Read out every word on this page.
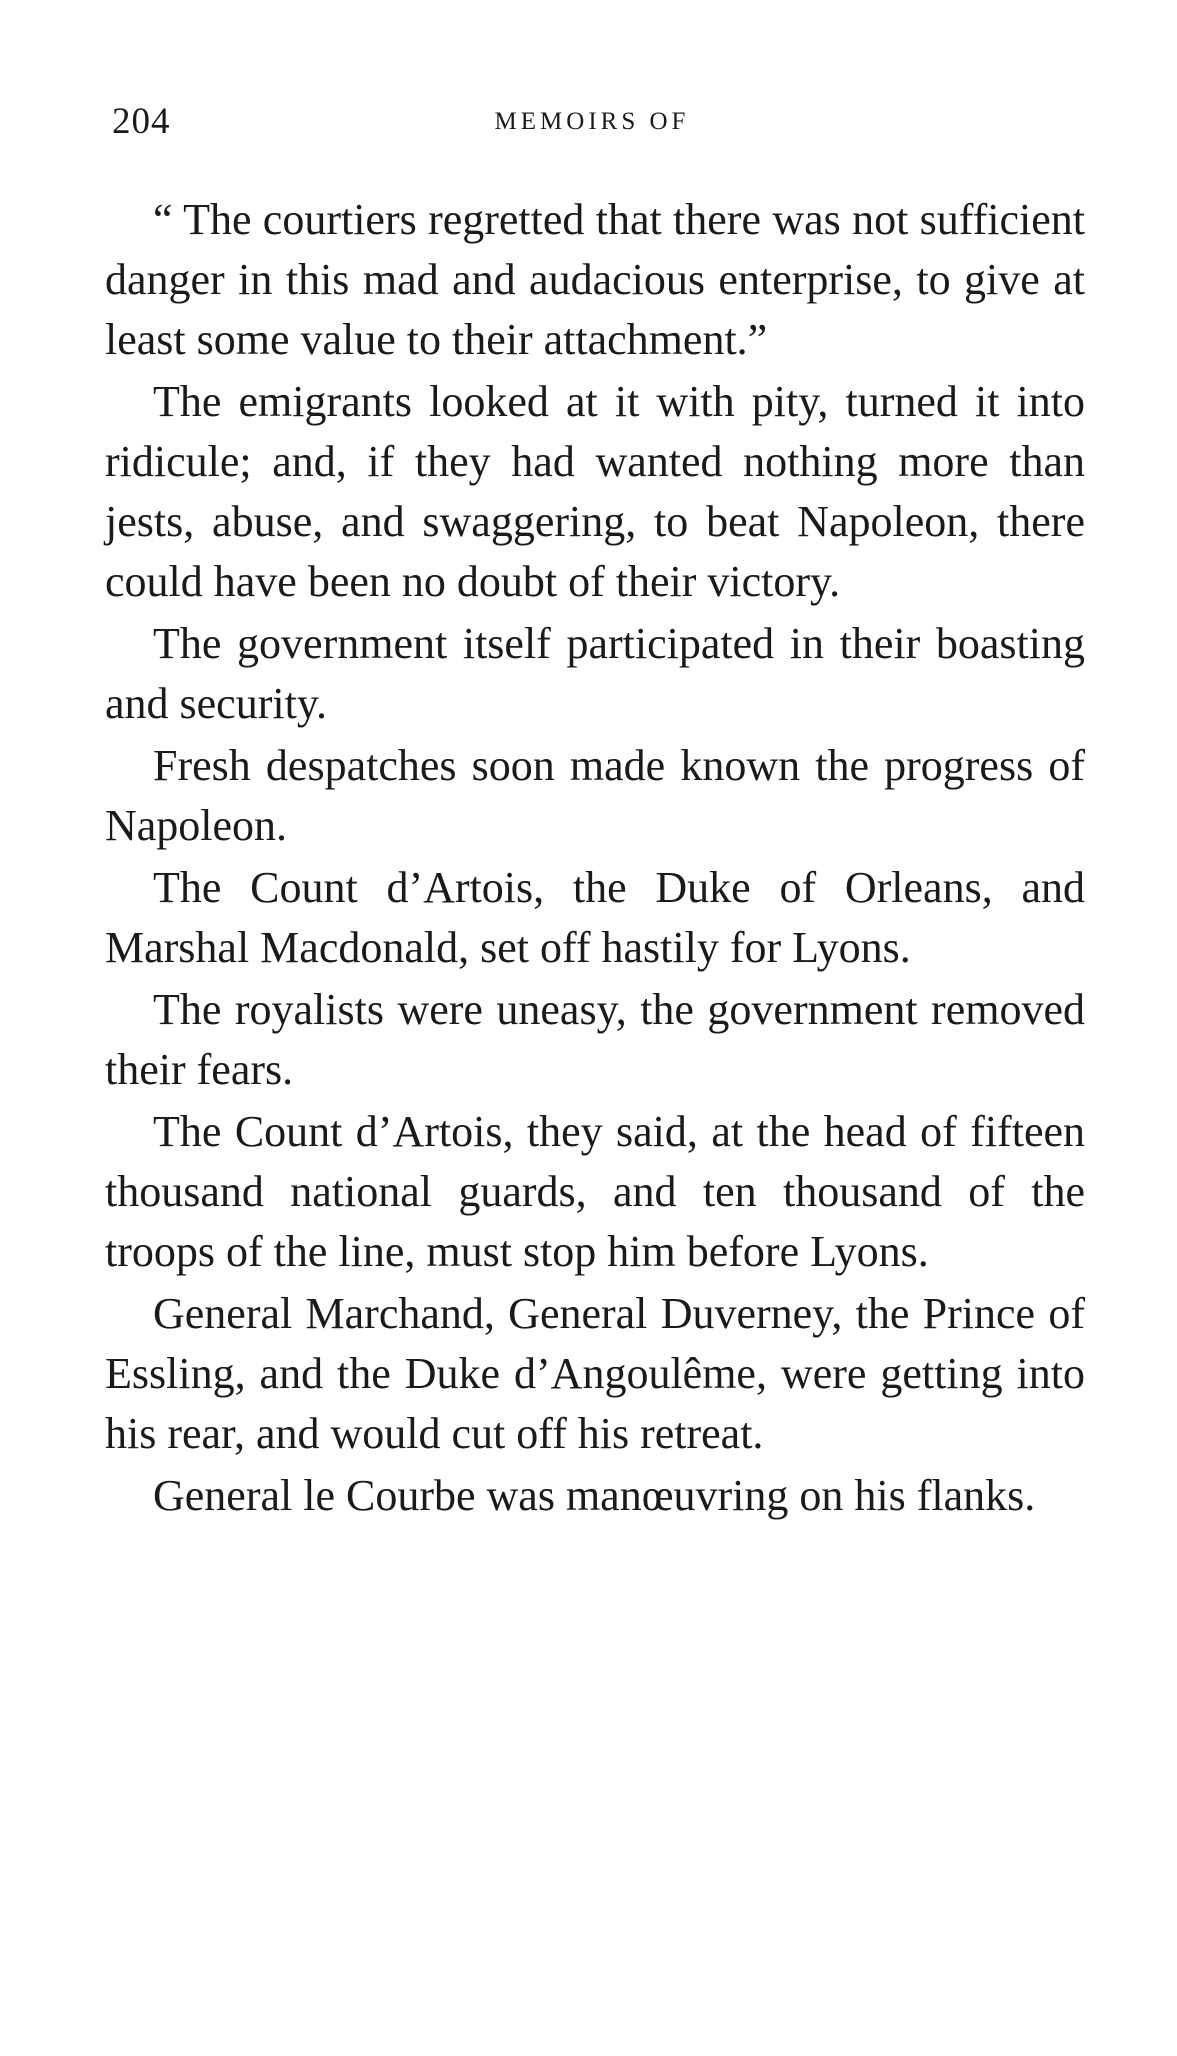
204	MEMOIRS OF

“ The courtiers regretted that there was not sufficient danger in this mad and audacious enterprise, to give at least some value to their attachment.”

The emigrants looked at it with pity, turned it into ridicule; and, if they had wanted nothing more than jests, abuse, and swaggering, to beat Napoleon, there could have been no doubt of their victory.

The government itself participated in their boasting and security.

Fresh despatches soon made known the progress of Napoleon.

The Count d’Artois, the Duke of Orleans, and Marshal Macdonald, set off hastily for Lyons.

The royalists were uneasy, the government removed their fears.

The Count d’Artois, they said, at the head of fifteen thousand national guards, and ten thousand of the troops of the line, must stop him before Lyons.

General Marchand, General Duverney, the Prince of Essling, and the Duke d’Angoulême, were getting into his rear, and would cut off his retreat.

General le Courbe was manœuvring on his flanks.
